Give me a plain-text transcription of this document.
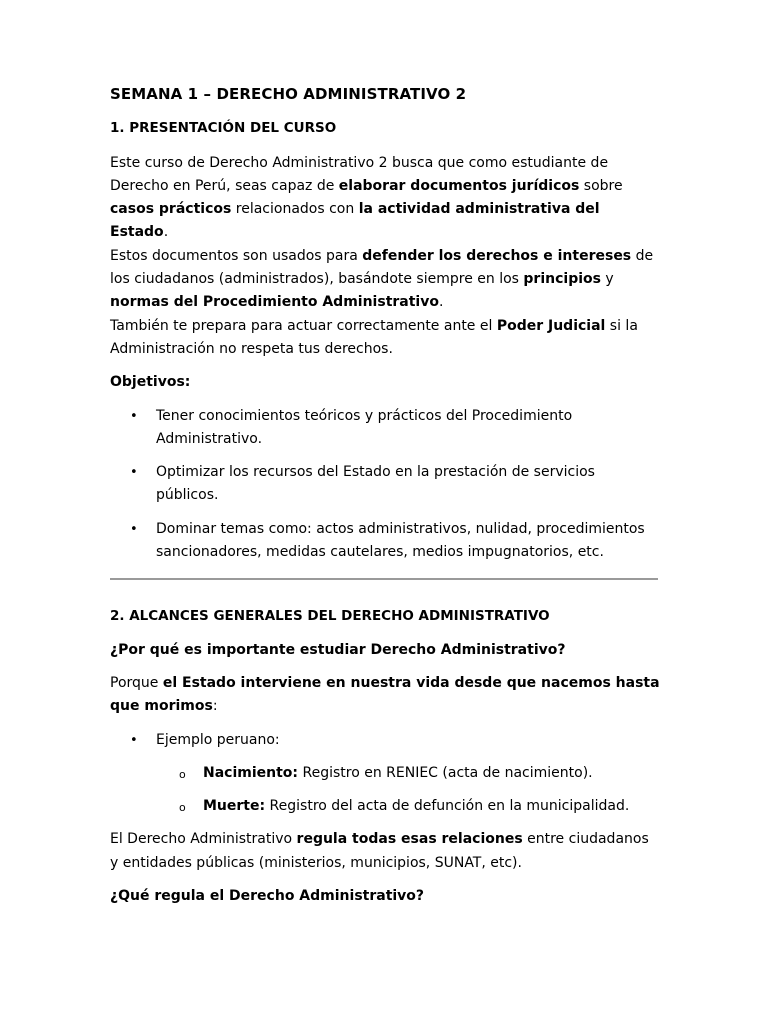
SEMANA 1 – DERECHO ADMINISTRATIVO 2
1. PRESENTACIÓN DEL CURSO

Este curso de Derecho Administrativo 2 busca que como estudiante de Derecho en Perú, seas capaz de elaborar documentos jurídicos sobre casos prácticos relacionados con la actividad administrativa del Estado.

Estos documentos son usados para defender los derechos e intereses de los ciudadanos (administrados), basándote siempre en los principios y normas del Procedimiento Administrativo.

También te prepara para actuar correctamente ante el Poder Judicial si la Administración no respeta tus derechos.

Objetivos:
• Tener conocimientos teóricos y prácticos del Procedimiento Administrativo.
• Optimizar los recursos del Estado en la prestación de servicios públicos.
• Dominar temas como: actos administrativos, nulidad, procedimientos sancionadores, medidas cautelares, medios impugnatorios, etc.
2. ALCANCES GENERALES DEL DERECHO ADMINISTRATIVO
¿Por qué es importante estudiar Derecho Administrativo?

Porque el Estado interviene en nuestra vida desde que nacemos hasta que morimos:

• Ejemplo peruano:
o Nacimiento: Registro en RENIEC (acta de nacimiento).
o Muerte: Registro del acta de defunción en la municipalidad.

El Derecho Administrativo regula todas esas relaciones entre ciudadanos y entidades públicas (ministerios, municipios, SUNAT, etc).

¿Qué regula el Derecho Administrativo?
